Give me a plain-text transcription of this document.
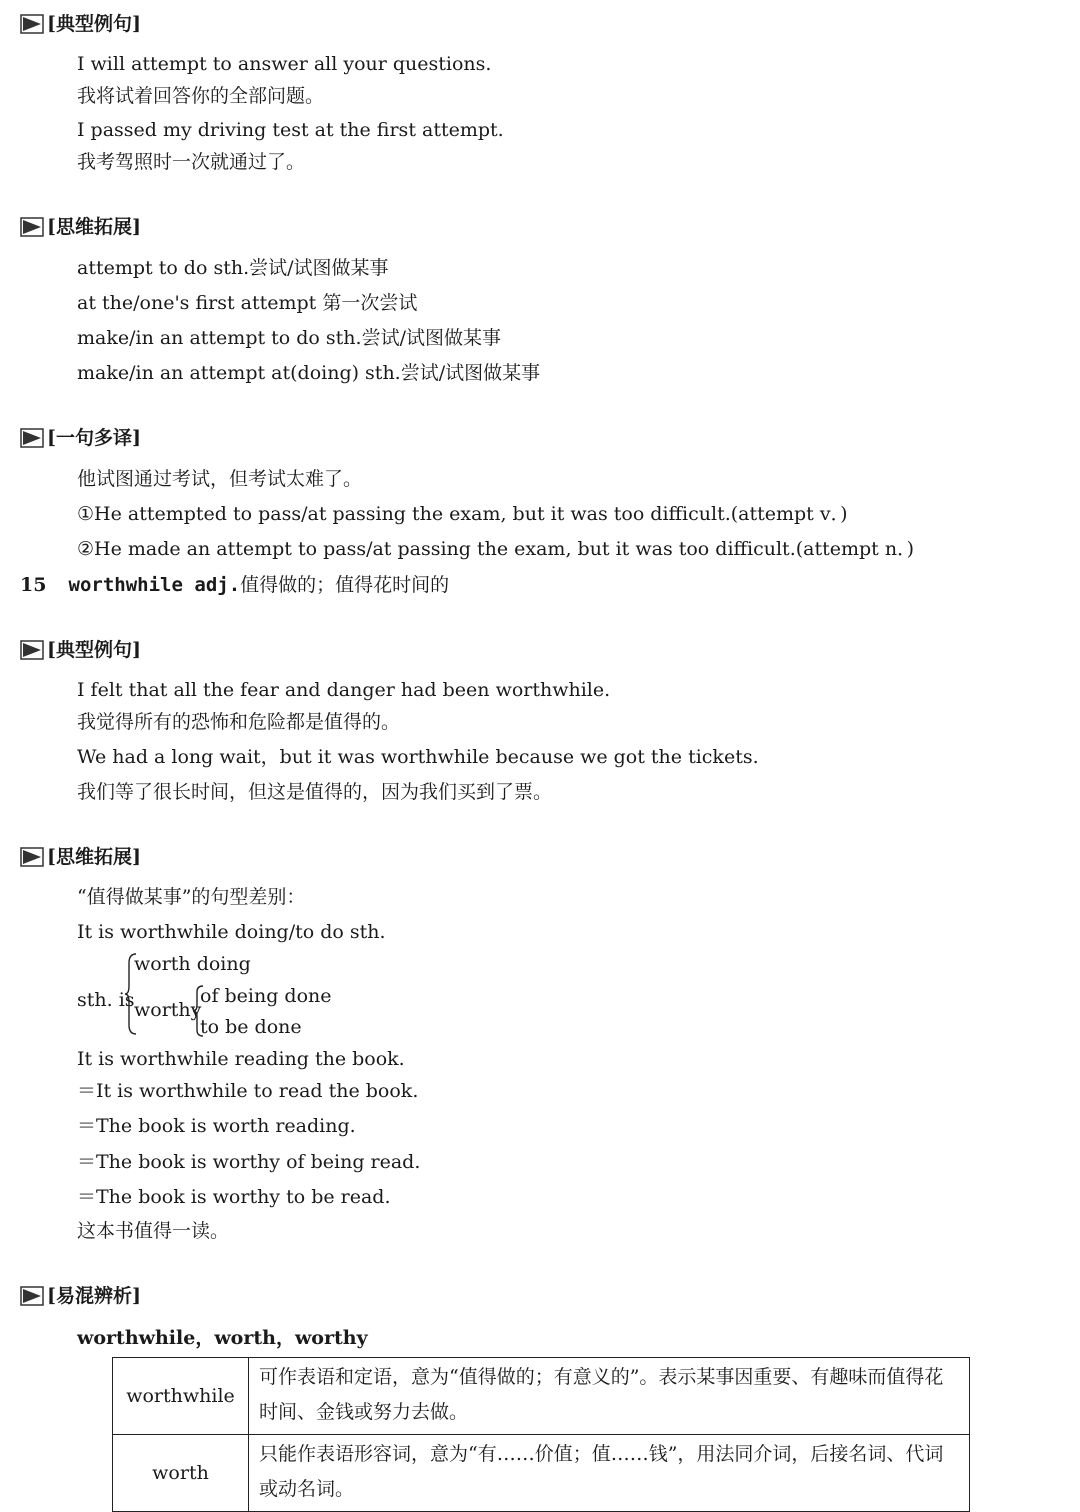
[典型例句]
I will attempt to answer all your questions.
我将试着回答你的全部问题。
I passed my driving test at the first attempt.
我考驾照时一次就通过了。
[思维拓展]
attempt to do sth.尝试/试图做某事
at the/one's first attempt 第一次尝试
make/in an attempt to do sth.尝试/试图做某事
make/in an attempt at(doing) sth.尝试/试图做某事
[一句多译]
他试图通过考试，但考试太难了。
①He attempted to pass/at passing the exam, but it was too difficult.(attempt v．)
②He made an attempt to pass/at passing the exam, but it was too difficult.(attempt n．)
15 worthwhile adj.值得做的；值得花时间的
[典型例句]
I felt that all the fear and danger had been worthwhile.
我觉得所有的恐怖和危险都是值得的。
We had a long wait，but it was worthwhile because we got the tickets.
我们等了很长时间，但这是值得的，因为我们买到了票。
[思维拓展]
“值得做某事”的句型差别：
It is worthwhile doing/to do sth.
sth. is
worth doing
worthy
of being done
to be done
It is worthwhile reading the book.
＝It is worthwhile to read the book.
＝The book is worth reading.
＝The book is worthy of being read.
＝The book is worthy to be read.
这本书值得一读。
[易混辨析]
worthwhile，worth，worthy
worthwhile	可作表语和定语，意为“值得做的；有意义的”。表示某事因重要、有趣味而值得花时间、金钱或努力去做。
worth	只能作表语形容词，意为“有……价值；值……钱”，用法同介词，后接名词、代词或动名词。
